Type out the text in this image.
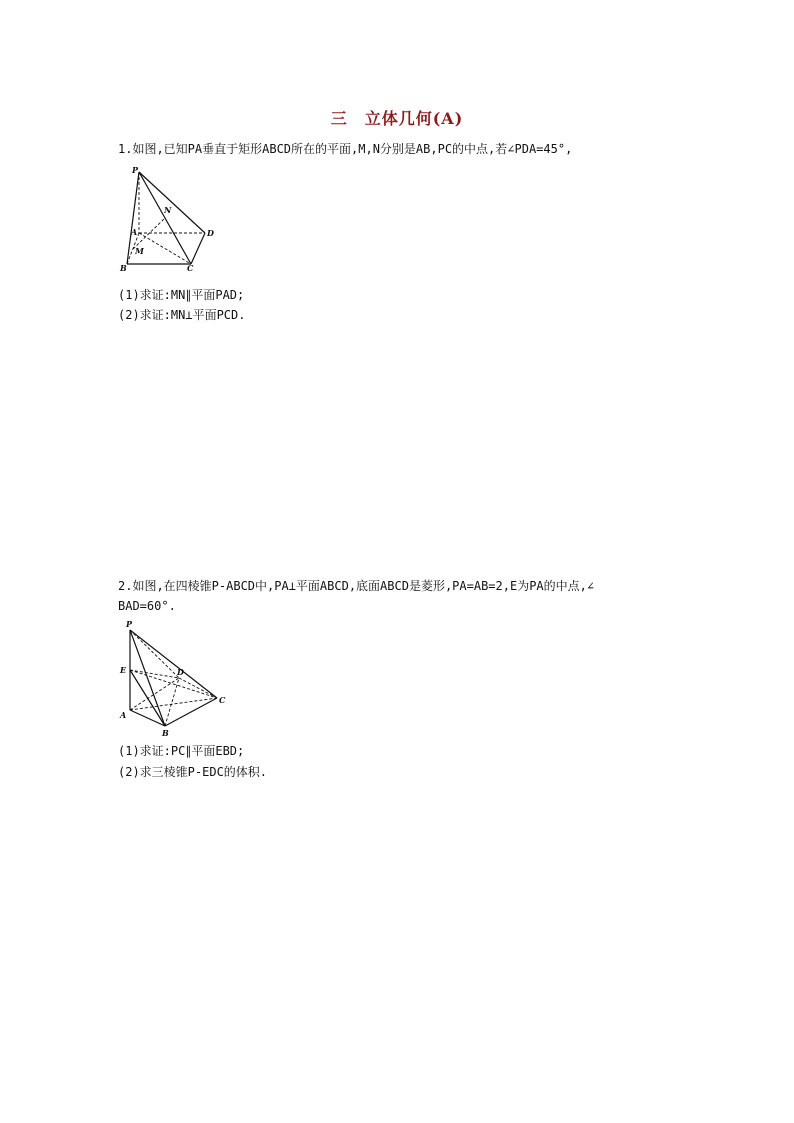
三　立体几何(A)
1.如图,已知PA垂直于矩形ABCD所在的平面,M,N分别是AB,PC的中点,若∠PDA=45°,
P
N
A	D
M
B	C
(1)求证:MN∥平面PAD;
(2)求证:MN⊥平面PCD.
2.如图,在四棱锥P-ABCD中,PA⊥平面ABCD,底面ABCD是菱形,PA=AB=2,E为PA的中点,∠
BAD=60°.
P
E	D
C
A
B
(1)求证:PC∥平面EBD;
(2)求三棱锥P-EDC的体积.
